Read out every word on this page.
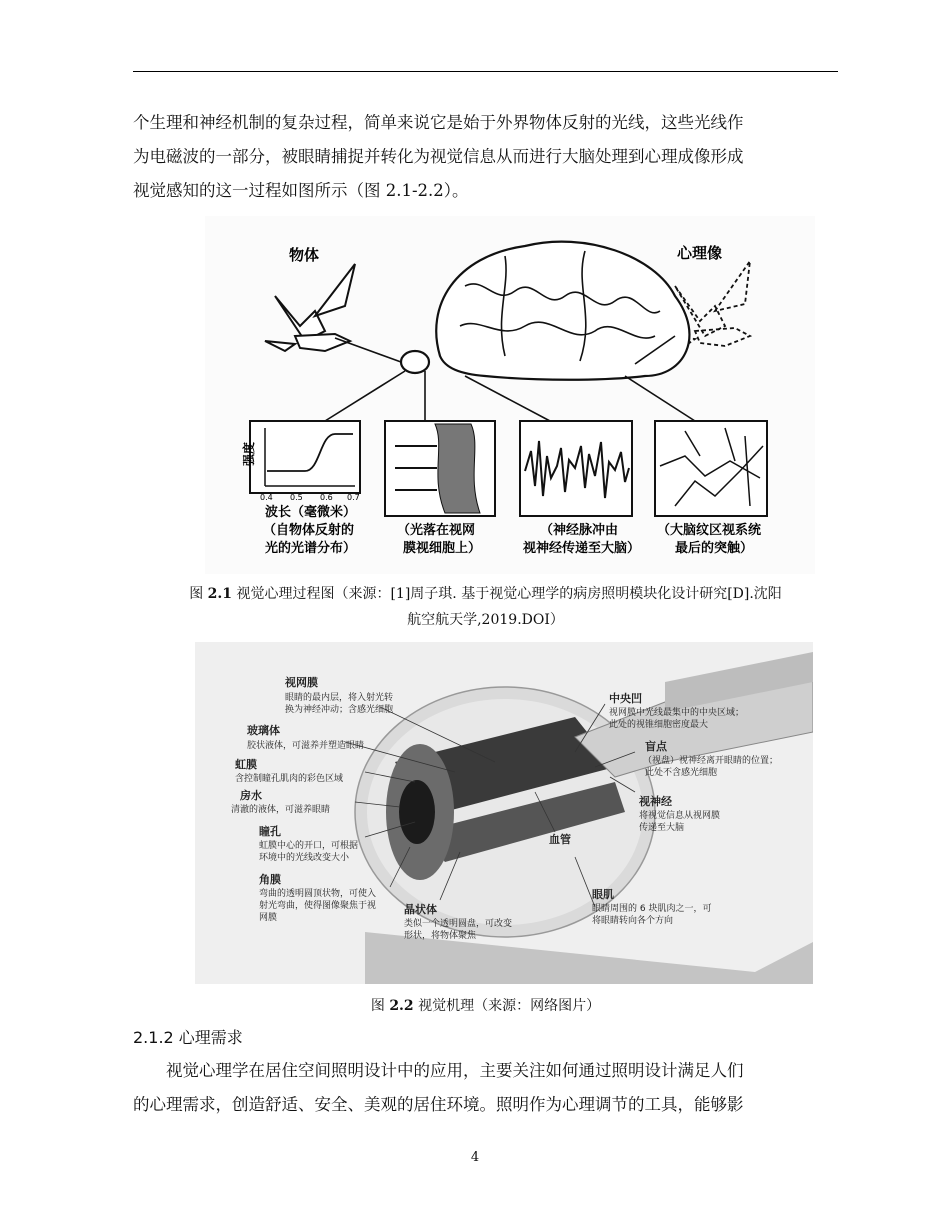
个生理和神经机制的复杂过程，简单来说它是始于外界物体反射的光线，这些光线作
为电磁波的一部分，被眼睛捕捉并转化为视觉信息从而进行大脑处理到心理成像形成
视觉感知的这一过程如图所示（图 2.1-2.2）。
物体	心理像
强度
0.4 0.5 0.6 0.7
波长（毫微米）
（自物体反射的
光的光谱分布）
（光落在视网
膜视细胞上）
（神经脉冲由
视神经传递至大脑）
（大脑纹区视系统
最后的突触）
图 2.1 视觉心理过程图（来源：[1]周子琪. 基于视觉心理学的病房照明模块化设计研究[D].沈阳
航空航天学,2019.DOI）
视网膜
眼睛的最内层，将入射光转
换为神经冲动；含感光细胞
玻璃体
胶状液体，可滋养并塑造眼睛
虹膜
含控制瞳孔肌肉的彩色区域
房水
清澈的液体，可滋养眼睛
瞳孔
虹膜中心的开口，可根据
环境中的光线改变大小
角膜
弯曲的透明圆顶状物，可使入
射光弯曲，使得图像聚焦于视
网膜
晶状体
类似一个透明圆盘，可改变
形状，将物体聚焦
中央凹
视网膜中光线最集中的中央区域；
此处的视锥细胞密度最大
盲点
（视盘）视神经离开眼睛的位置；
此处不含感光细胞
视神经
将视觉信息从视网膜
传递至大脑
血管
眼肌
眼睛周围的 6 块肌肉之一，可
将眼睛转向各个方向
图 2.2 视觉机理（来源：网络图片）
2.1.2 心理需求
视觉心理学在居住空间照明设计中的应用，主要关注如何通过照明设计满足人们
的心理需求，创造舒适、安全、美观的居住环境。照明作为心理调节的工具，能够影
4
